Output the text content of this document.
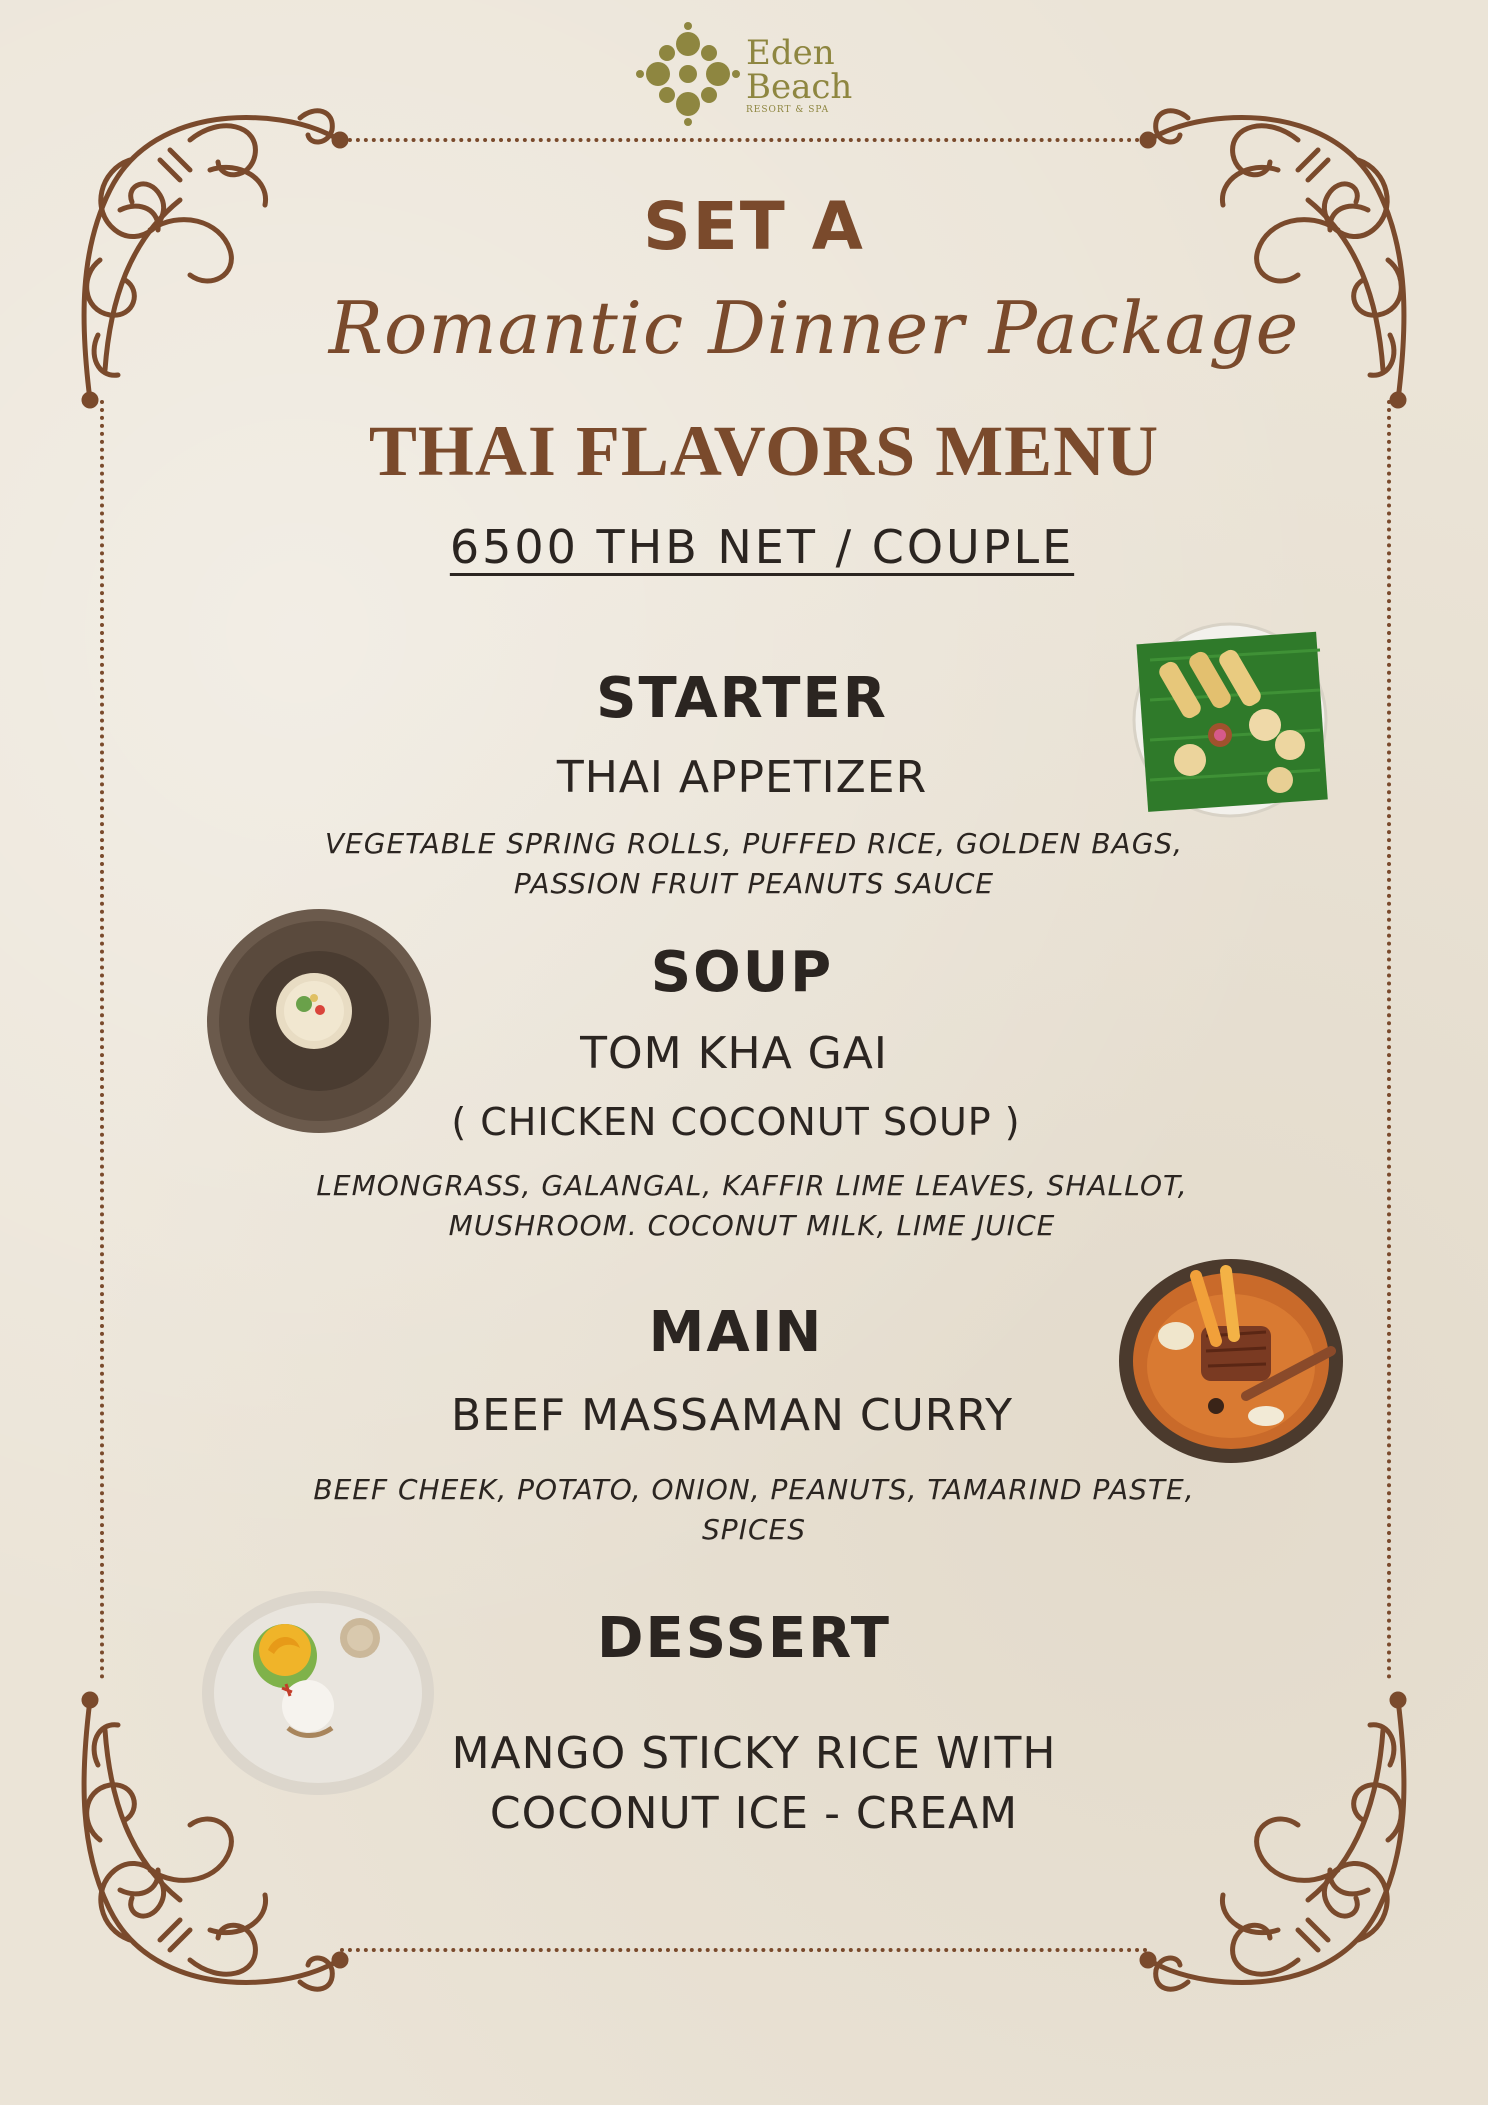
Eden
Beach
RESORT & SPA
SET A
Romantic Dinner Package
THAI FLAVORS MENU
6500 THB NET / COUPLE
STARTER
THAI APPETIZER
VEGETABLE SPRING ROLLS, PUFFED RICE, GOLDEN BAGS,
PASSION FRUIT PEANUTS SAUCE
SOUP
TOM KHA GAI
( CHICKEN COCONUT SOUP )
LEMONGRASS, GALANGAL, KAFFIR LIME LEAVES, SHALLOT,
MUSHROOM. COCONUT MILK, LIME JUICE
MAIN
BEEF MASSAMAN CURRY
BEEF CHEEK, POTATO, ONION, PEANUTS, TAMARIND PASTE,
SPICES
DESSERT
MANGO STICKY RICE WITH
COCONUT ICE - CREAM
